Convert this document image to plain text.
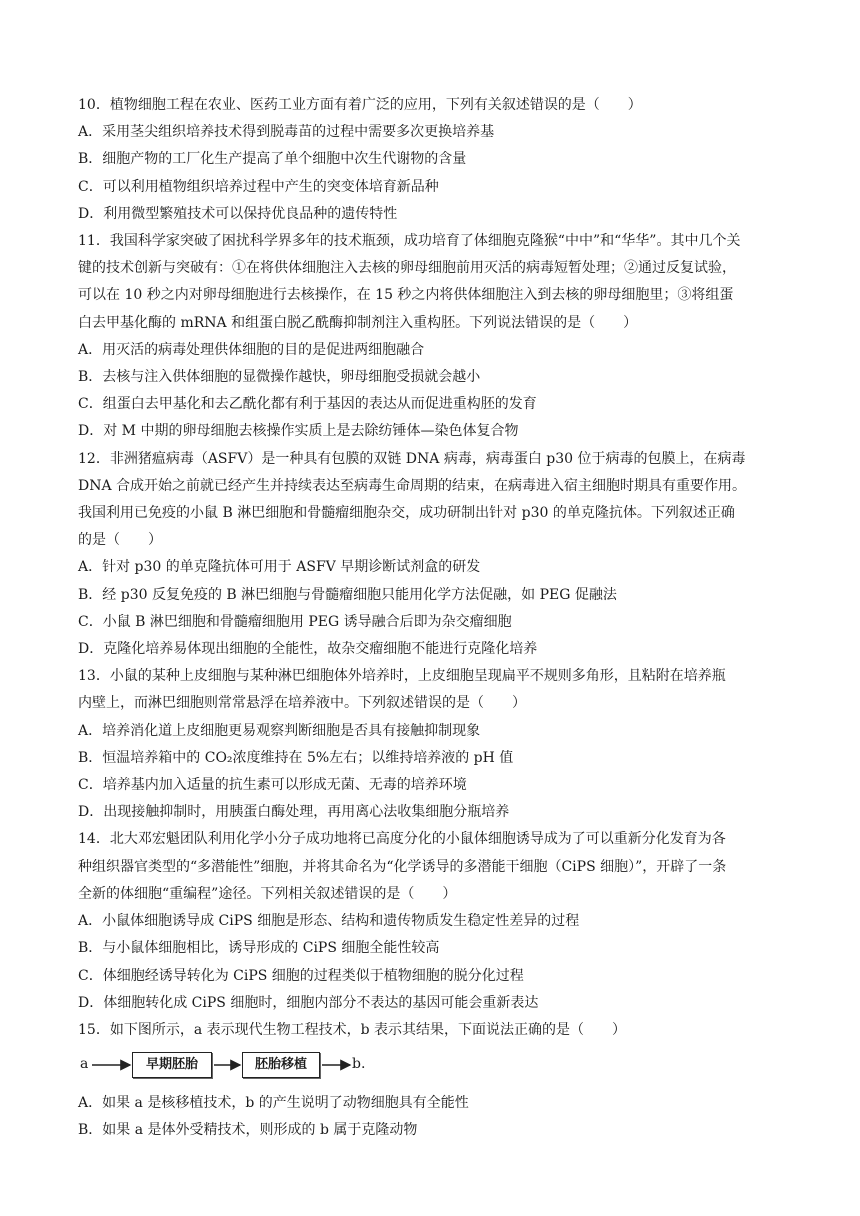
10．植物细胞工程在农业、医药工业方面有着广泛的应用，下列有关叙述错误的是（　　）

A．采用茎尖组织培养技术得到脱毒苗的过程中需要多次更换培养基

B．细胞产物的工厂化生产提高了单个细胞中次生代谢物的含量

C．可以利用植物组织培养过程中产生的突变体培育新品种

D．利用微型繁殖技术可以保持优良品种的遗传特性

11．我国科学家突破了困扰科学界多年的技术瓶颈，成功培育了体细胞克隆猴“中中”和“华华”。其中几个关

键的技术创新与突破有：①在将供体细胞注入去核的卵母细胞前用灭活的病毒短暂处理；②通过反复试验，

可以在 10 秒之内对卵母细胞进行去核操作，在 15 秒之内将供体细胞注入到去核的卵母细胞里；③将组蛋

白去甲基化酶的 mRNA 和组蛋白脱乙酰酶抑制剂注入重构胚。下列说法错误的是（　　）

A．用灭活的病毒处理供体细胞的目的是促进两细胞融合

B．去核与注入供体细胞的显微操作越快，卵母细胞受损就会越小

C．组蛋白去甲基化和去乙酰化都有利于基因的表达从而促进重构胚的发育

D．对 M 中期的卵母细胞去核操作实质上是去除纺锤体—染色体复合物

12．非洲猪瘟病毒（ASFV）是一种具有包膜的双链 DNA 病毒，病毒蛋白 p30 位于病毒的包膜上，在病毒

DNA 合成开始之前就已经产生并持续表达至病毒生命周期的结束，在病毒进入宿主细胞时期具有重要作用。

我国利用已免疫的小鼠 B 淋巴细胞和骨髓瘤细胞杂交，成功研制出针对 p30 的单克隆抗体。下列叙述正确

的是（　　）

A．针对 p30 的单克隆抗体可用于 ASFV 早期诊断试剂盒的研发

B．经 p30 反复免疫的 B 淋巴细胞与骨髓瘤细胞只能用化学方法促融，如 PEG 促融法

C．小鼠 B 淋巴细胞和骨髓瘤细胞用 PEG 诱导融合后即为杂交瘤细胞

D．克隆化培养易体现出细胞的全能性，故杂交瘤细胞不能进行克隆化培养

13．小鼠的某种上皮细胞与某种淋巴细胞体外培养时，上皮细胞呈现扁平不规则多角形，且粘附在培养瓶

内壁上，而淋巴细胞则常常悬浮在培养液中。下列叙述错误的是（　　）

A．培养消化道上皮细胞更易观察判断细胞是否具有接触抑制现象

B．恒温培养箱中的 CO₂浓度维持在 5%左右；以维持培养液的 pH 值

C．培养基内加入适量的抗生素可以形成无菌、无毒的培养环境

D．出现接触抑制时，用胰蛋白酶处理，再用离心法收集细胞分瓶培养

14．北大邓宏魁团队利用化学小分子成功地将已高度分化的小鼠体细胞诱导成为了可以重新分化发育为各

种组织器官类型的“多潜能性”细胞，并将其命名为“化学诱导的多潜能干细胞（CiPS 细胞）”，开辟了一条

全新的体细胞“重编程”途径。下列相关叙述错误的是（　　）

A．小鼠体细胞诱导成 CiPS 细胞是形态、结构和遗传物质发生稳定性差异的过程

B．与小鼠体细胞相比，诱导形成的 CiPS 细胞全能性较高

C．体细胞经诱导转化为 CiPS 细胞的过程类似于植物细胞的脱分化过程

D．体细胞转化成 CiPS 细胞时，细胞内部分不表达的基因可能会重新表达

15．如下图所示，a 表示现代生物工程技术，b 表示其结果，下面说法正确的是（　　）

a	早期胚胎	胚胎移植	b.

A．如果 a 是核移植技术，b 的产生说明了动物细胞具有全能性

B．如果 a 是体外受精技术，则形成的 b 属于克隆动物
